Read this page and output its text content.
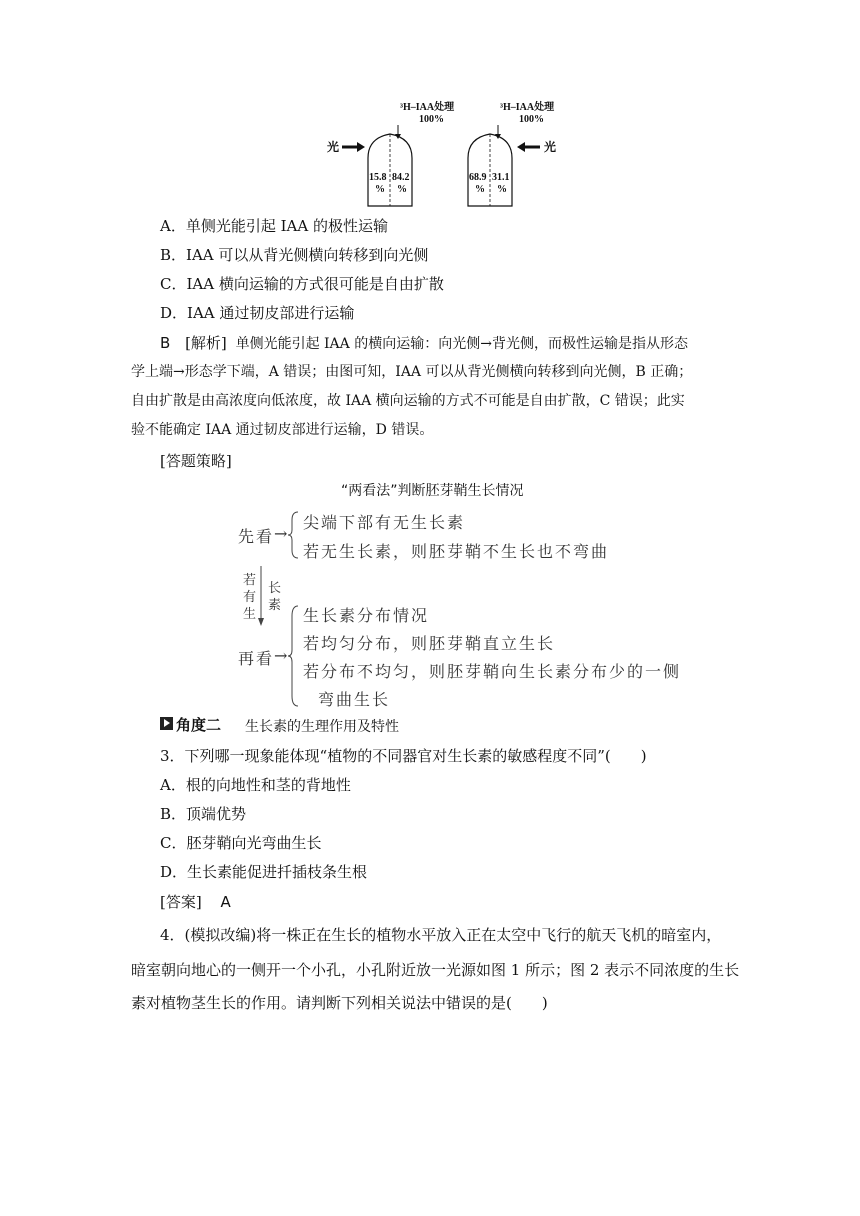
³H–IAA处理
100%
光
15.8 84.2
% %
³H–IAA处理
100%
光
68.9 31.1
% %
A．单侧光能引起 IAA 的极性运输
B．IAA 可以从背光侧横向转移到向光侧
C．IAA 横向运输的方式很可能是自由扩散
D．IAA 通过韧皮部进行运输
B [解析] 单侧光能引起 IAA 的横向运输：向光侧→背光侧，而极性运输是指从形态
学上端→形态学下端，A 错误；由图可知，IAA 可以从背光侧横向转移到向光侧，B 正确；
自由扩散是由高浓度向低浓度，故 IAA 横向运输的方式不可能是自由扩散，C 错误；此实
验不能确定 IAA 通过韧皮部进行运输，D 错误。
[答题策略]
“两看法”判断胚芽鞘生长情况
先看 →
尖端下部有无生长素
若无生长素，则胚芽鞘不生长也不弯曲
若有生
长素
再看 →
生长素分布情况
若均匀分布，则胚芽鞘直立生长
若分布不均匀，则胚芽鞘向生长素分布少的一侧
弯曲生长
角度二 生长素的生理作用及特性
3．下列哪一现象能体现“植物的不同器官对生长素的敏感程度不同”(　　)
A．根的向地性和茎的背地性
B．顶端优势
C．胚芽鞘向光弯曲生长
D．生长素能促进扦插枝条生根
[答案] A
4．(模拟改编)将一株正在生长的植物水平放入正在太空中飞行的航天飞机的暗室内，
暗室朝向地心的一侧开一个小孔，小孔附近放一光源如图 1 所示；图 2 表示不同浓度的生长
素对植物茎生长的作用。请判断下列相关说法中错误的是(　　)
